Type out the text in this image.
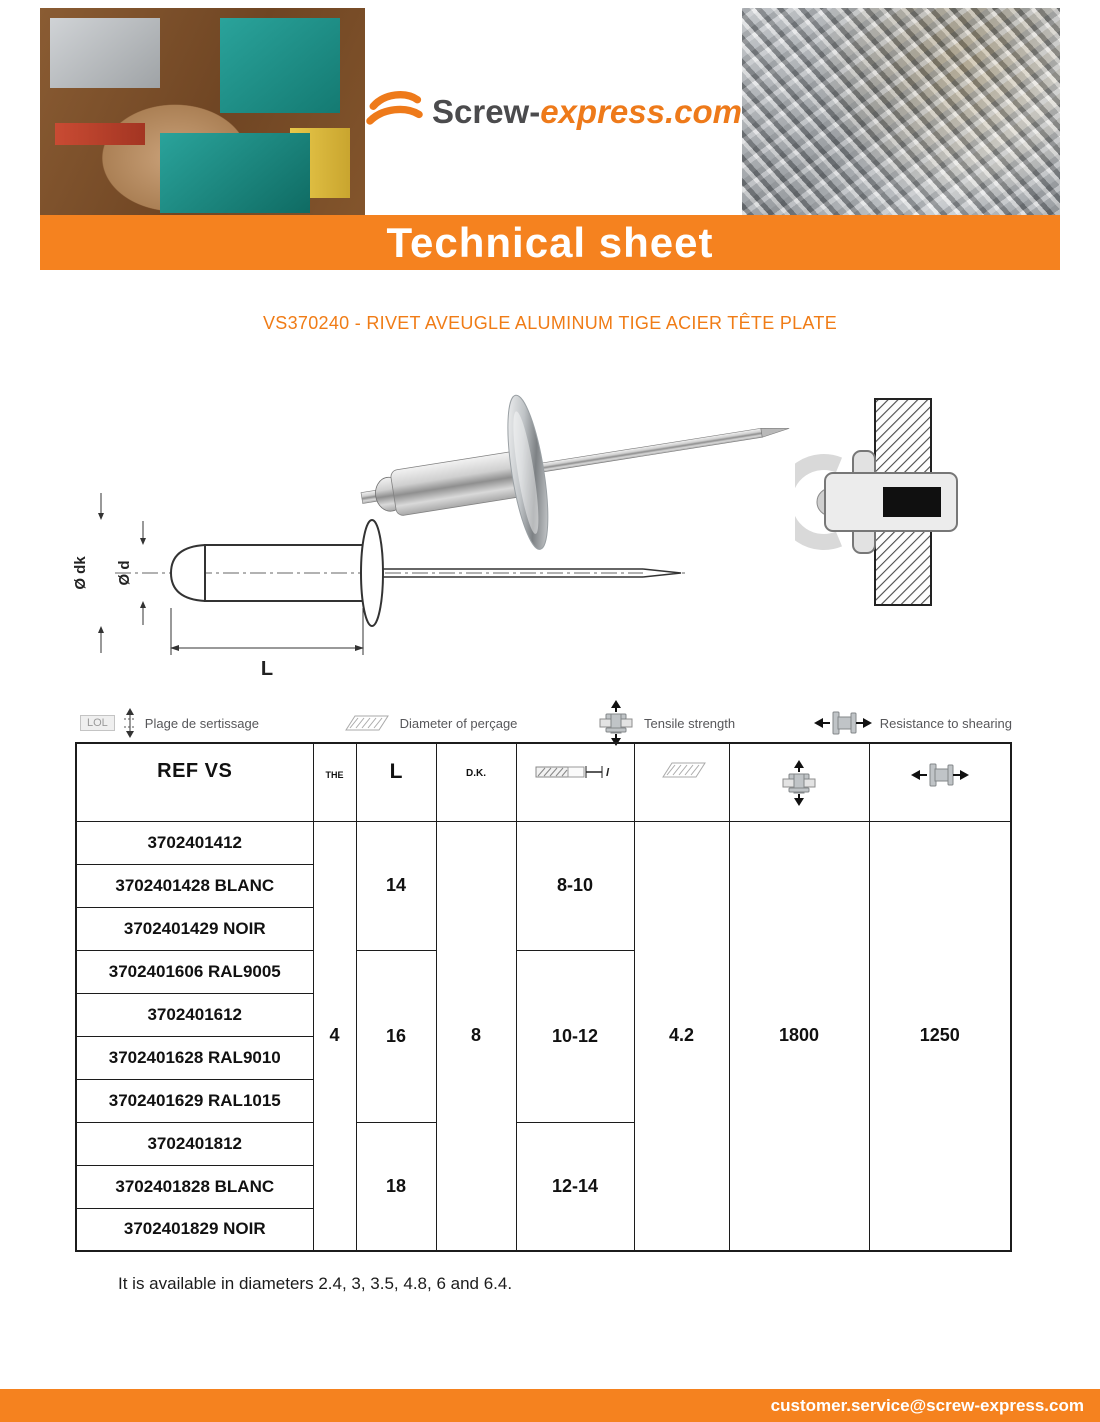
Screw-express.com
Technical sheet
VS370240 - RIVET AVEUGLE ALUMINUM TIGE ACIER TÊTE PLATE
Ø d
Ø dk
L
LOL	Plage de sertissage	Diameter of perçage	Tensile strength	Resistance to shearing
REF VS	THE	L	D.K.	l

3702401412	4	14	8	8-10	4.2	1800	1250
3702401428 BLANC							
3702401429 NOIR							
3702401606 RAL9005		16		10-12			
3702401612							
3702401628 RAL9010							
3702401629 RAL1015							
3702401812		18		12-14			
3702401828 BLANC							
3702401829 NOIR							
It is available in diameters 2.4, 3, 3.5, 4.8, 6 and 6.4.
customer.service@screw-express.com
